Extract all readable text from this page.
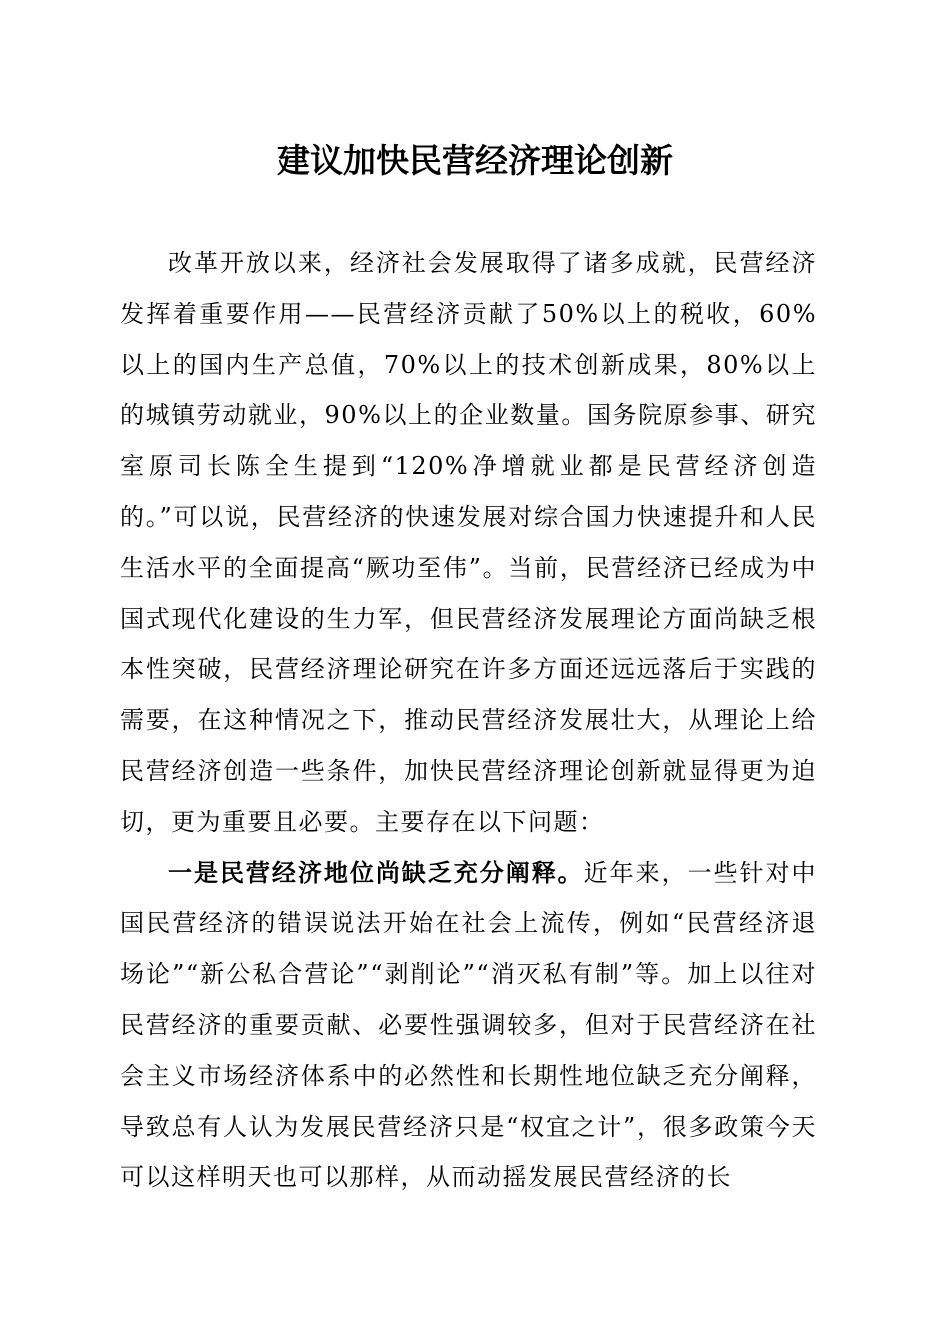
建议加快民营经济理论创新

改革开放以来，经济社会发展取得了诸多成就，民营经济发挥着重要作用——民营经济贡献了50%以上的税收，60%以上的国内生产总值，70%以上的技术创新成果，80%以上的城镇劳动就业，90%以上的企业数量。国务院原参事、研究室原司长陈全生提到“120%净增就业都是民营经济创造的。”可以说，民营经济的快速发展对综合国力快速提升和人民生活水平的全面提高“厥功至伟”。当前，民营经济已经成为中国式现代化建设的生力军，但民营经济发展理论方面尚缺乏根本性突破，民营经济理论研究在许多方面还远远落后于实践的需要，在这种情况之下，推动民营经济发展壮大，从理论上给民营经济创造一些条件，加快民营经济理论创新就显得更为迫切，更为重要且必要。主要存在以下问题：

一是民营经济地位尚缺乏充分阐释。近年来，一些针对中国民营经济的错误说法开始在社会上流传，例如“民营经济退场论”“新公私合营论”“剥削论”“消灭私有制”等。加上以往对民营经济的重要贡献、必要性强调较多，但对于民营经济在社会主义市场经济体系中的必然性和长期性地位缺乏充分阐释，导致总有人认为发展民营经济只是“权宜之计”，很多政策今天可以这样明天也可以那样，从而动摇发展民营经济的长
